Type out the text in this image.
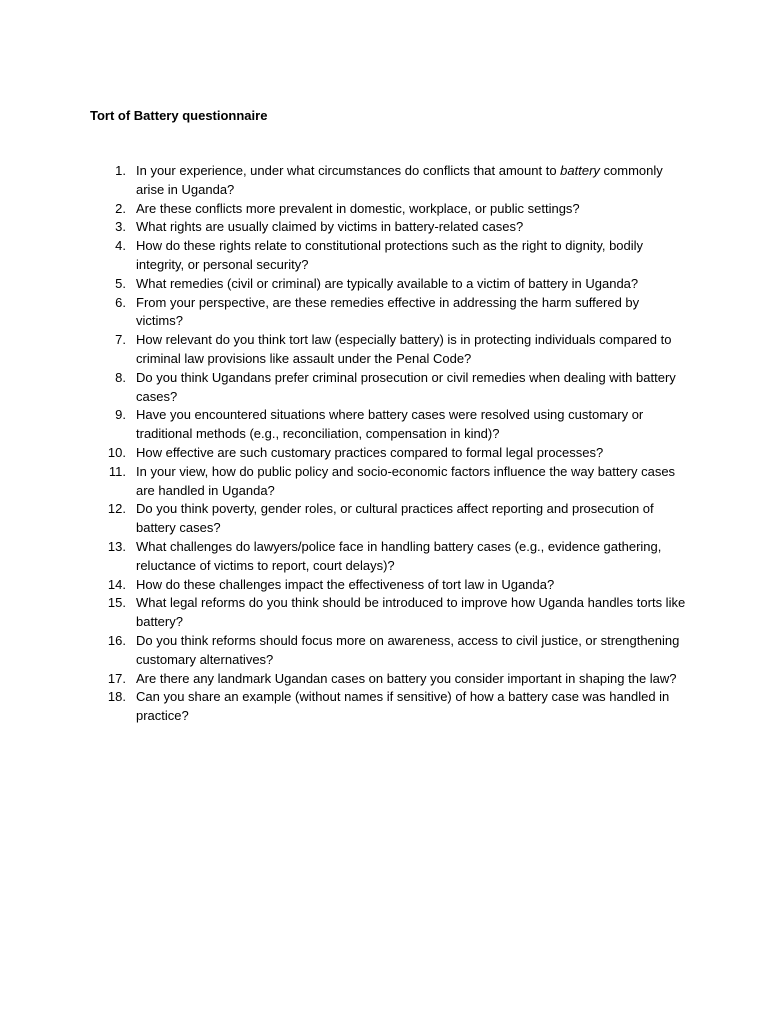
Tort of Battery questionnaire
1. In your experience, under what circumstances do conflicts that amount to battery commonly arise in Uganda?
2. Are these conflicts more prevalent in domestic, workplace, or public settings?
3. What rights are usually claimed by victims in battery-related cases?
4. How do these rights relate to constitutional protections such as the right to dignity, bodily integrity, or personal security?
5. What remedies (civil or criminal) are typically available to a victim of battery in Uganda?
6. From your perspective, are these remedies effective in addressing the harm suffered by victims?
7. How relevant do you think tort law (especially battery) is in protecting individuals compared to criminal law provisions like assault under the Penal Code?
8. Do you think Ugandans prefer criminal prosecution or civil remedies when dealing with battery cases?
9. Have you encountered situations where battery cases were resolved using customary or traditional methods (e.g., reconciliation, compensation in kind)?
10. How effective are such customary practices compared to formal legal processes?
11. In your view, how do public policy and socio-economic factors influence the way battery cases are handled in Uganda?
12. Do you think poverty, gender roles, or cultural practices affect reporting and prosecution of battery cases?
13. What challenges do lawyers/police face in handling battery cases (e.g., evidence gathering, reluctance of victims to report, court delays)?
14. How do these challenges impact the effectiveness of tort law in Uganda?
15. What legal reforms do you think should be introduced to improve how Uganda handles torts like battery?
16. Do you think reforms should focus more on awareness, access to civil justice, or strengthening customary alternatives?
17. Are there any landmark Ugandan cases on battery you consider important in shaping the law?
18. Can you share an example (without names if sensitive) of how a battery case was handled in practice?
